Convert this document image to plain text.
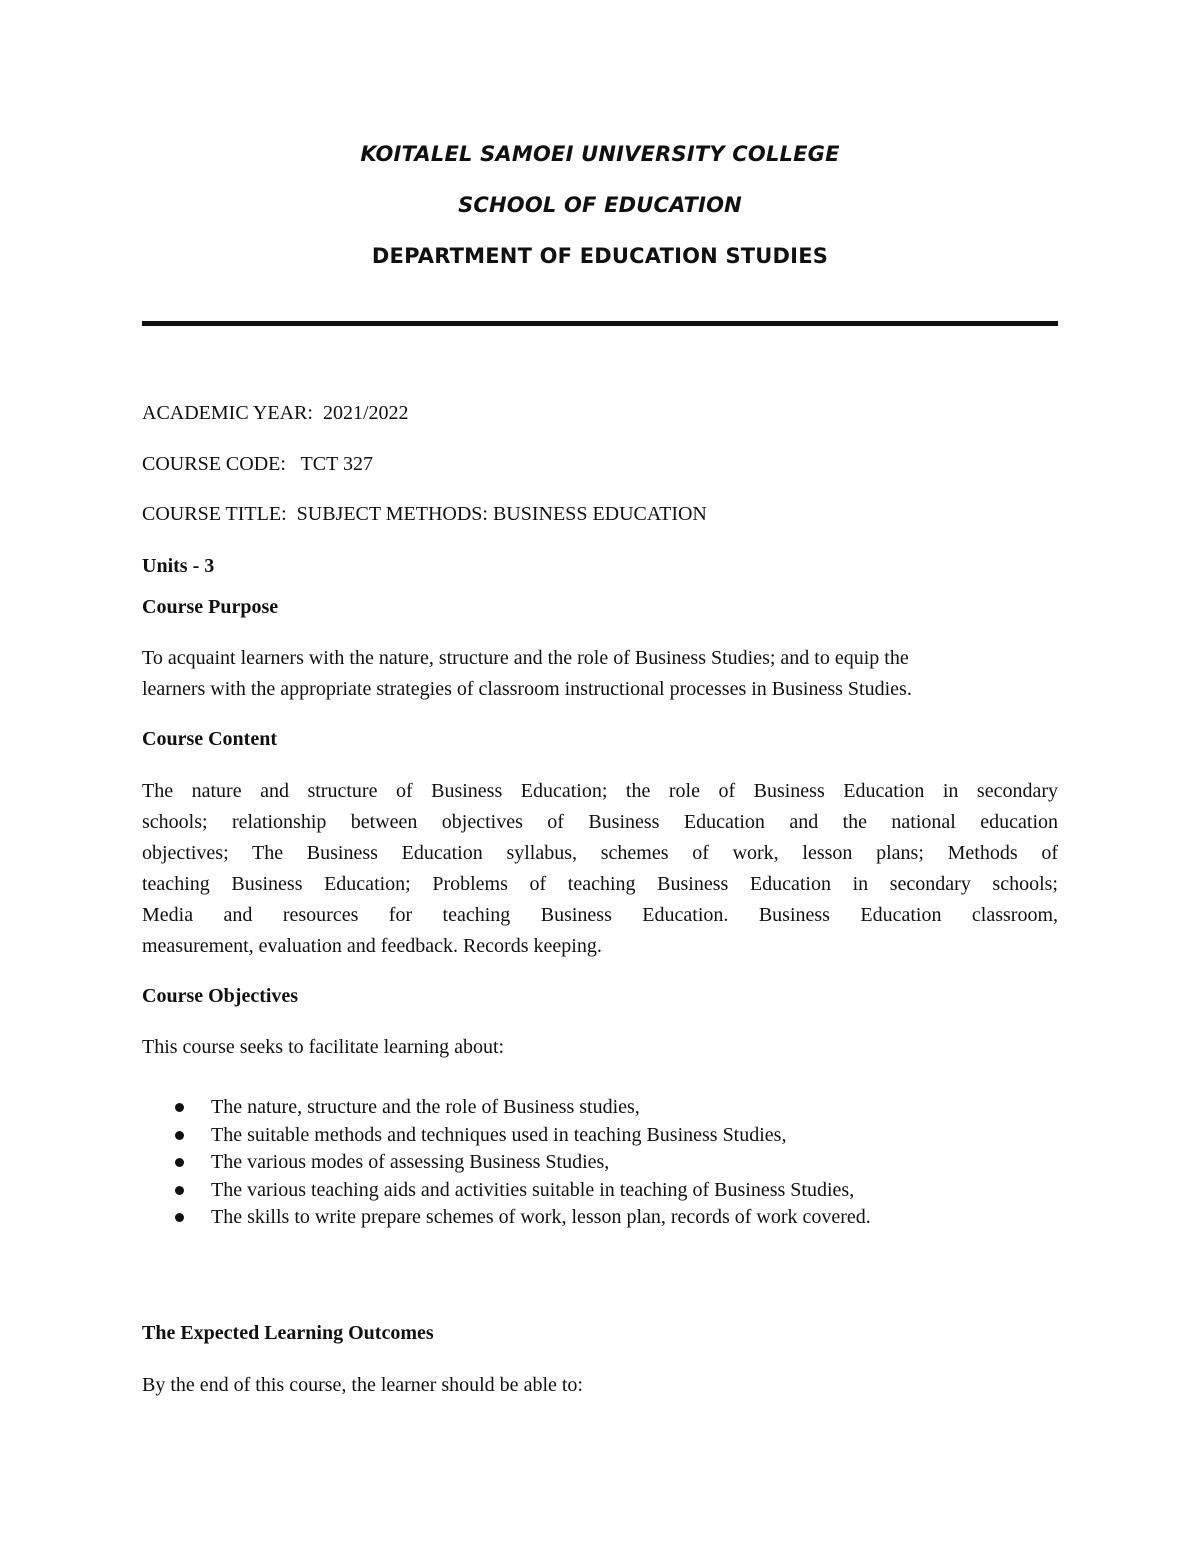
KOITALEL SAMOEI UNIVERSITY COLLEGE
SCHOOL OF EDUCATION
DEPARTMENT OF EDUCATION STUDIES
ACADEMIC YEAR: 2021/2022
COURSE CODE: TCT 327
COURSE TITLE: SUBJECT METHODS: BUSINESS EDUCATION
Units - 3
Course Purpose
To acquaint learners with the nature, structure and the role of Business Studies; and to equip the
learners with the appropriate strategies of classroom instructional processes in Business Studies.
Course Content
The nature and structure of Business Education; the role of Business Education in secondary
schools; relationship between objectives of Business Education and the national education
objectives; The Business Education syllabus, schemes of work, lesson plans; Methods of
teaching Business Education; Problems of teaching Business Education in secondary schools;
Media and resources for teaching Business Education. Business Education classroom,
measurement, evaluation and feedback. Records keeping.
Course Objectives
This course seeks to facilitate learning about:
The nature, structure and the role of Business studies,
The suitable methods and techniques used in teaching Business Studies,
The various modes of assessing Business Studies,
The various teaching aids and activities suitable in teaching of Business Studies,
The skills to write prepare schemes of work, lesson plan, records of work covered.
The Expected Learning Outcomes
By the end of this course, the learner should be able to:
